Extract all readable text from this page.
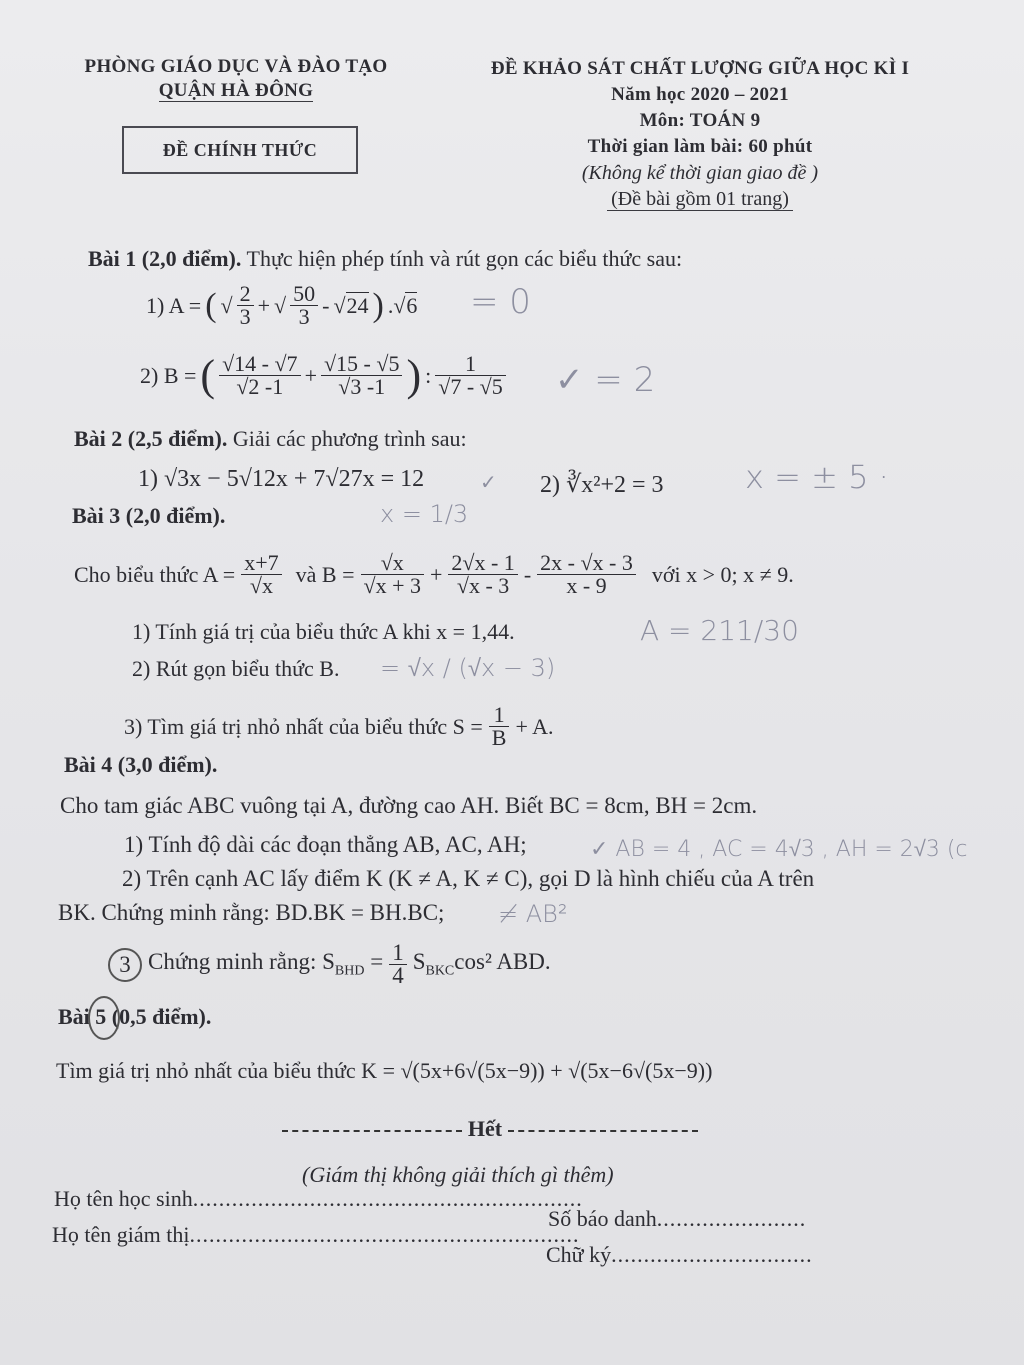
PHÒNG GIÁO DỤC VÀ ĐÀO TẠO
QUẬN HÀ ĐÔNG
ĐỀ CHÍNH THỨC
ĐỀ KHẢO SÁT CHẤT LƯỢNG GIỮA HỌC KÌ I
Năm học 2020 – 2021
Môn: TOÁN 9
Thời gian làm bài: 60 phút
(Không kể thời gian giao đề )
(Đề bài gồm 01 trang)
Bài 1 (2,0 điểm). Thực hiện phép tính và rút gọn các biểu thức sau:
1) A = ( √ $\frac{2}{3}$ + √ $\frac{50}{3} - √24$ ) .√6 = 0
2) B = ( $\frac{√14 - √7}{√2 -1} + \frac{√15 - √5}{√3 -1}$ ) : $\frac{1}{√7 - √5}$ ✓ = 2
Bài 2 (2,5 điểm). Giải các phương trình sau:
1) √3x − 5√12x + 7√27x = 12	✓ 2) ∛x²+2 = 3	x = ± 5 ·
Bài 3 (2,0 điểm).	x = 1/3
Cho biểu thức $A = \frac{x+7}{√x}$ và $B = \frac{√x}{√x + 3} + \frac{2√x - 1}{√x - 3} - \frac{2x - √x - 3}{x - 9}$ với x > 0; x ≠ 9.
1) Tính giá trị của biểu thức A khi x = 1,44.	A = 211/30
2) Rút gọn biểu thức B. = √x / (√x − 3)
3) Tìm giá trị nhỏ nhất của biểu thức $S = \frac{1}{B} + A$.
Bài 4 (3,0 điểm).
Cho tam giác ABC vuông tại A, đường cao AH. Biết BC = 8cm, BH = 2cm.
1) Tính độ dài các đoạn thẳng AB, AC, AH;	✓ AB = 4 , AC = 4√3 , AH = 2√3 (c
2) Trên cạnh AC lấy điểm K (K ≠ A, K ≠ C), gọi D là hình chiếu của A trên
BK. Chứng minh rằng: BD.BK = BH.BC; ≠ AB²
3 Chứng minh rằng: $S_{BHD} = \frac{1}{4} S_{BKC}\cos^2$ ABD.
Bài 5 (0,5 điểm).
Tìm giá trị nhỏ nhất của biểu thức K = √(5x+6√(5x−9)) + √(5x−6√(5x−9))
Hết
(Giám thị không giải thích gì thêm)
Họ tên học sinh............................................................
Số báo danh.......................
Họ tên giám thị............................................................
Chữ ký...............................
